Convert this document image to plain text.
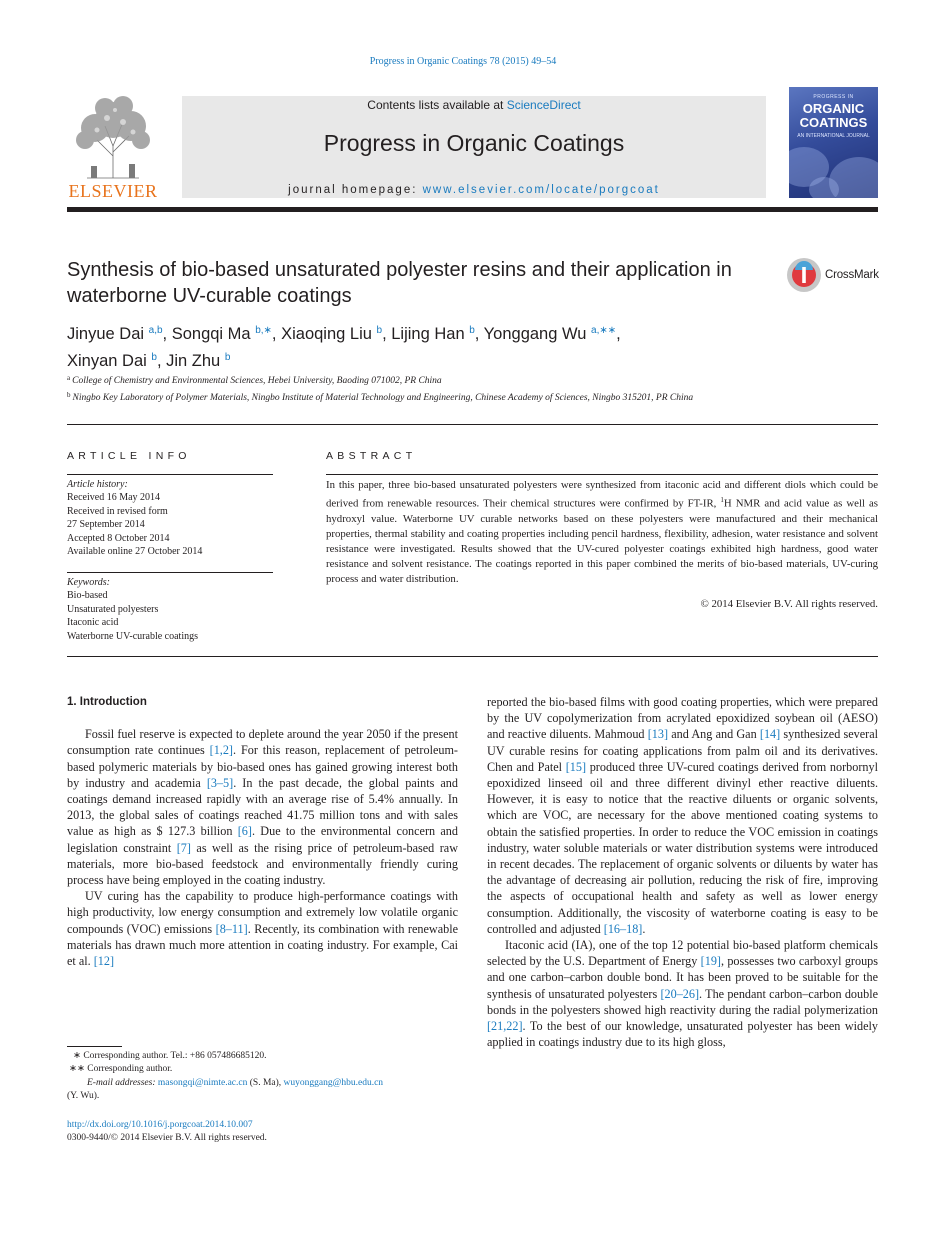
Progress in Organic Coatings 78 (2015) 49–54
ELSEVIER
Contents lists available at ScienceDirect
Progress in Organic Coatings
journal homepage: www.elsevier.com/locate/porgcoat
PROGRESS IN
ORGANIC
COATINGS
AN INTERNATIONAL JOURNAL
Synthesis of bio-based unsaturated polyester resins and their application in waterborne UV-curable coatings
CrossMark
Jinyue Dai $^{a,b}$, Songqi Ma $^{b,∗}$, Xiaoqing Liu $^b$, Lijing Han $^b$, Yonggang Wu $^{a,∗∗}$,
Xinyan Dai $^b$, Jin Zhu $^b$
$^a$ College of Chemistry and Environmental Sciences, Hebei University, Baoding 071002, PR China
$^b$ Ningbo Key Laboratory of Polymer Materials, Ningbo Institute of Material Technology and Engineering, Chinese Academy of Sciences, Ningbo 315201, PR China
ARTICLE INFO
Article history:
Received 16 May 2014
Received in revised form
27 September 2014
Accepted 8 October 2014
Available online 27 October 2014
Keywords:
Bio-based
Unsaturated polyesters
Itaconic acid
Waterborne UV-curable coatings
ABSTRACT
In this paper, three bio-based unsaturated polyesters were synthesized from itaconic acid and different diols which could be derived from renewable resources. Their chemical structures were confirmed by FT-IR, $^1$H NMR and acid value as well as hydroxyl value. Waterborne UV curable networks based on these polyesters were manufactured and their mechanical properties, thermal stability and coating properties including pencil hardness, flexibility, adhesion, water resistance and solvent resistance were investigated. Results showed that the UV-cured polyester coatings exhibited high hardness, good water resistance and solvent resistance. The coatings reported in this paper combined the merits of bio-based materials, UV-curing process and water distribution.
© 2014 Elsevier B.V. All rights reserved.
1. Introduction

Fossil fuel reserve is expected to deplete around the year 2050 if the present consumption rate continues [1,2]. For this reason, replacement of petroleum-based polymeric materials by bio-based ones has gained growing interest both by industry and academia [3–5]. In the past decade, the global paints and coatings demand increased rapidly with an average rise of 5.4% annually. In 2013, the global sales of coatings reached 41.75 million tons and with sales value as high as $ 127.3 billion [6]. Due to the environmental concern and legislation constraint [7] as well as the rising price of petroleum-based raw materials, more bio-based feedstock and environmentally friendly curing process have being employed in the coating industry.

UV curing has the capability to produce high-performance coatings with high productivity, low energy consumption and extremely low volatile organic compounds (VOC) emissions [8–11]. Recently, its combination with renewable materials has drawn much more attention in coating industry. For example, Cai et al. [12]

∗ Corresponding author. Tel.: +86 057486685120.
∗∗ Corresponding author.
E-mail addresses: masongqi@nimte.ac.cn (S. Ma), wuyonggang@hbu.edu.cn
(Y. Wu).
http://dx.doi.org/10.1016/j.porgcoat.2014.10.007
0300-9440/© 2014 Elsevier B.V. All rights reserved.

reported the bio-based films with good coating properties, which were prepared by the UV copolymerization from acrylated epoxidized soybean oil (AESO) and reactive diluents. Mahmoud [13] and Ang and Gan [14] synthesized several UV curable resins for coating applications from palm oil and its derivatives. Chen and Patel [15] produced three UV-cured coatings derived from norbornyl epoxidized linseed oil and three different divinyl ether reactive diluents. However, it is easy to notice that the reactive diluents or organic solvents, which are VOC, are necessary for the above mentioned coating systems to obtain the satisfied properties. In order to reduce the VOC emission in coatings industry, water soluble materials or water distribution systems were introduced in recent decades. The replacement of organic solvents or diluents by water has the advantage of decreasing air pollution, reducing the risk of fire, improving the aspects of occupational health and safety as well as lower energy consumption. Additionally, the viscosity of waterborne coating is easy to be controlled and adjusted [16–18].

Itaconic acid (IA), one of the top 12 potential bio-based platform chemicals selected by the U.S. Department of Energy [19], possesses two carboxyl groups and one carbon–carbon double bond. It has been proved to be suitable for the synthesis of unsaturated polyesters [20–26]. The pendant carbon–carbon double bonds in the polyesters showed high reactivity during the radial polymerization [21,22]. To the best of our knowledge, unsaturated polyester has been widely applied in coatings industry due to its high gloss,
